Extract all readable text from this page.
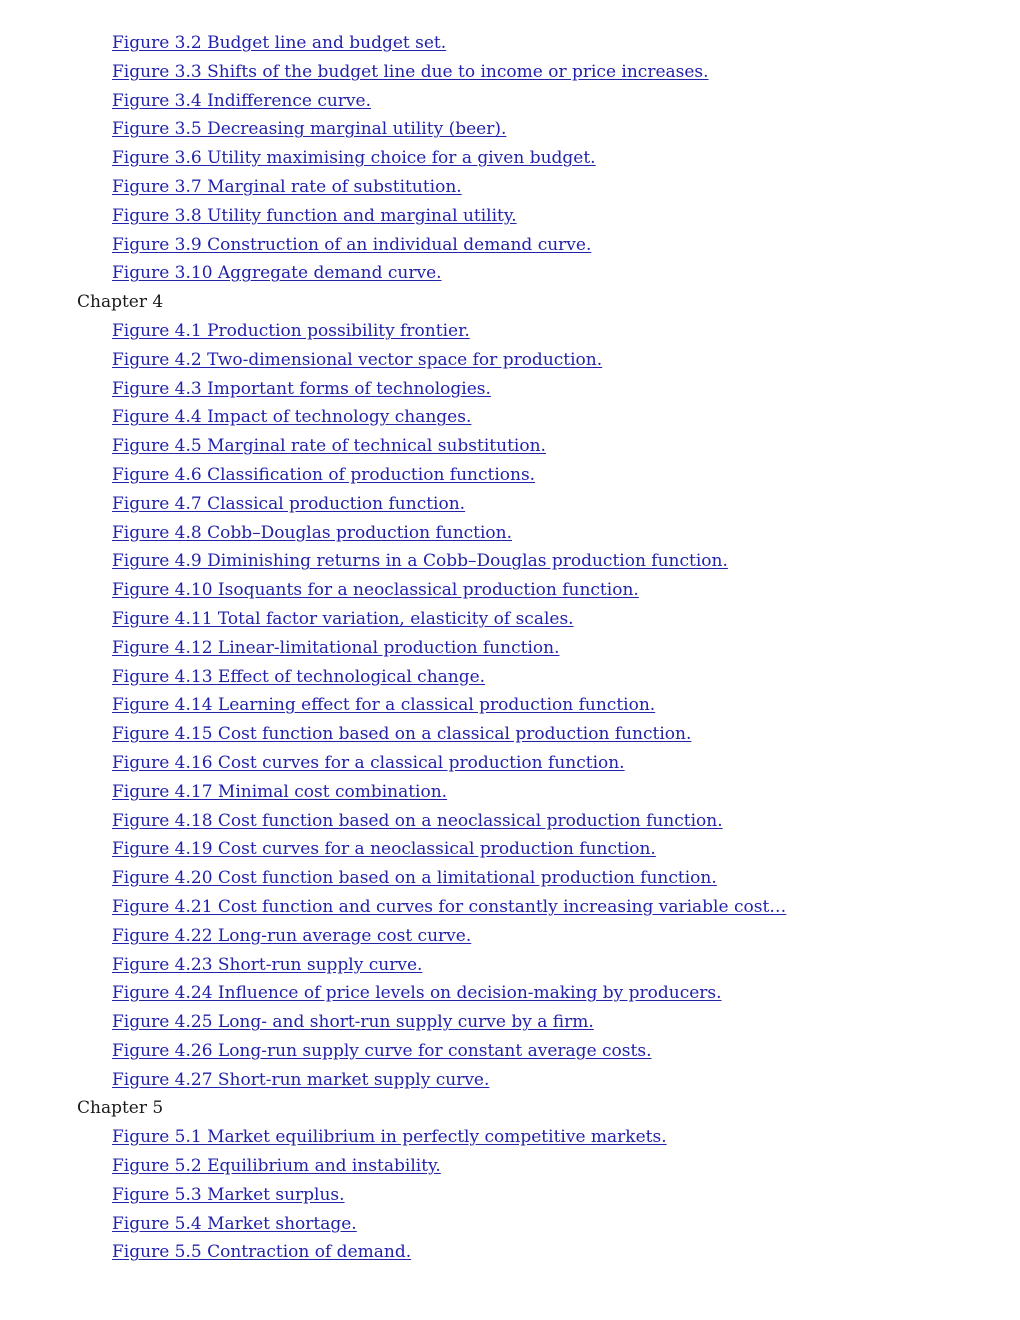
Figure 3.2 Budget line and budget set.
Figure 3.3 Shifts of the budget line due to income or price increases.
Figure 3.4 Indifference curve.
Figure 3.5 Decreasing marginal utility (beer).
Figure 3.6 Utility maximising choice for a given budget.
Figure 3.7 Marginal rate of substitution.
Figure 3.8 Utility function and marginal utility.
Figure 3.9 Construction of an individual demand curve.
Figure 3.10 Aggregate demand curve.
Chapter 4
Figure 4.1 Production possibility frontier.
Figure 4.2 Two-dimensional vector space for production.
Figure 4.3 Important forms of technologies.
Figure 4.4 Impact of technology changes.
Figure 4.5 Marginal rate of technical substitution.
Figure 4.6 Classification of production functions.
Figure 4.7 Classical production function.
Figure 4.8 Cobb–Douglas production function.
Figure 4.9 Diminishing returns in a Cobb–Douglas production function.
Figure 4.10 Isoquants for a neoclassical production function.
Figure 4.11 Total factor variation, elasticity of scales.
Figure 4.12 Linear-limitational production function.
Figure 4.13 Effect of technological change.
Figure 4.14 Learning effect for a classical production function.
Figure 4.15 Cost function based on a classical production function.
Figure 4.16 Cost curves for a classical production function.
Figure 4.17 Minimal cost combination.
Figure 4.18 Cost function based on a neoclassical production function.
Figure 4.19 Cost curves for a neoclassical production function.
Figure 4.20 Cost function based on a limitational production function.
Figure 4.21 Cost function and curves for constantly increasing variable cost…
Figure 4.22 Long-run average cost curve.
Figure 4.23 Short-run supply curve.
Figure 4.24 Influence of price levels on decision-making by producers.
Figure 4.25 Long- and short-run supply curve by a firm.
Figure 4.26 Long-run supply curve for constant average costs.
Figure 4.27 Short-run market supply curve.
Chapter 5
Figure 5.1 Market equilibrium in perfectly competitive markets.
Figure 5.2 Equilibrium and instability.
Figure 5.3 Market surplus.
Figure 5.4 Market shortage.
Figure 5.5 Contraction of demand.
